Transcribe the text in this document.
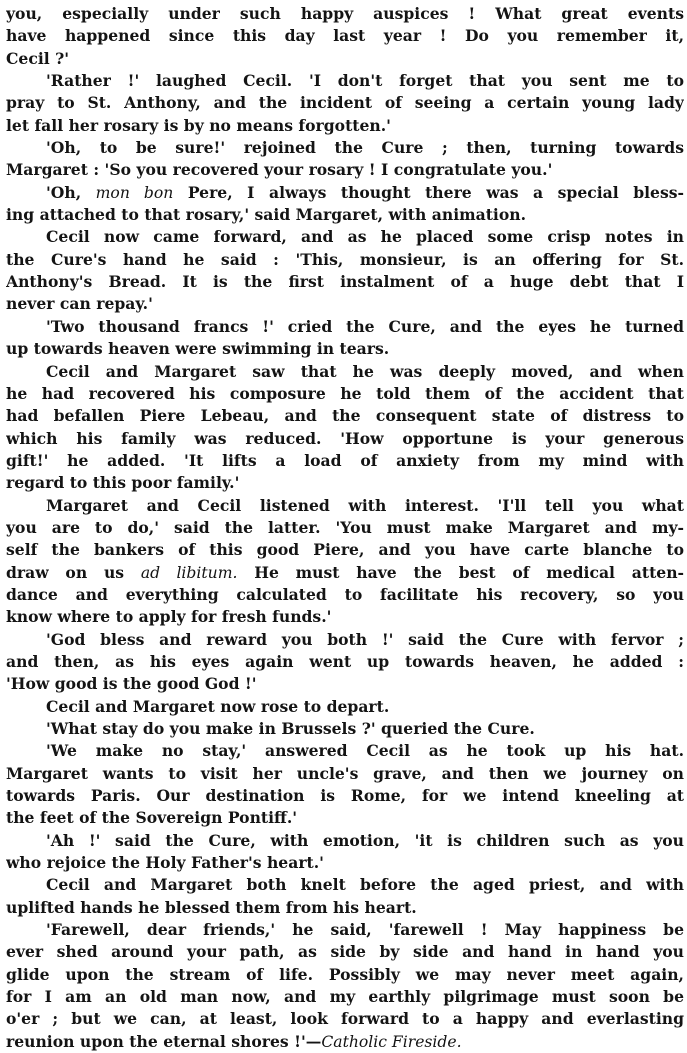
you, especially under such happy auspices ! What great events
have happened since this day last year ! Do you remember it,
Cecil ?'
'Rather !' laughed Cecil. 'I don't forget that you sent me to
pray to St. Anthony, and the incident of seeing a certain young lady
let fall her rosary is by no means forgotten.'
'Oh, to be sure!' rejoined the Cure ; then, turning towards
Margaret : 'So you recovered your rosary ! I congratulate you.'
'Oh, mon bon Pere, I always thought there was a special bless-
ing attached to that rosary,' said Margaret, with animation.
Cecil now came forward, and as he placed some crisp notes in
the Cure's hand he said : 'This, monsieur, is an offering for St.
Anthony's Bread. It is the first instalment of a huge debt that I
never can repay.'
'Two thousand francs !' cried the Cure, and the eyes he turned
up towards heaven were swimming in tears.
Cecil and Margaret saw that he was deeply moved, and when
he had recovered his composure he told them of the accident that
had befallen Piere Lebeau, and the consequent state of distress to
which his family was reduced. 'How opportune is your generous
gift!' he added. 'It lifts a load of anxiety from my mind with
regard to this poor family.'
Margaret and Cecil listened with interest. 'I'll tell you what
you are to do,' said the latter. 'You must make Margaret and my-
self the bankers of this good Piere, and you have carte blanche to
draw on us ad libitum. He must have the best of medical atten-
dance and everything calculated to facilitate his recovery, so you
know where to apply for fresh funds.'
'God bless and reward you both !' said the Cure with fervor ;
and then, as his eyes again went up towards heaven, he added :
'How good is the good God !'
Cecil and Margaret now rose to depart.
'What stay do you make in Brussels ?' queried the Cure.
'We make no stay,' answered Cecil as he took up his hat.
Margaret wants to visit her uncle's grave, and then we journey on
towards Paris. Our destination is Rome, for we intend kneeling at
the feet of the Sovereign Pontiff.'
'Ah !' said the Cure, with emotion, 'it is children such as you
who rejoice the Holy Father's heart.'
Cecil and Margaret both knelt before the aged priest, and with
uplifted hands he blessed them from his heart.
'Farewell, dear friends,' he said, 'farewell ! May happiness be
ever shed around your path, as side by side and hand in hand you
glide upon the stream of life. Possibly we may never meet again,
for I am an old man now, and my earthly pilgrimage must soon be
o'er ; but we can, at least, look forward to a happy and everlasting
reunion upon the eternal shores !'—Catholic Fireside.
